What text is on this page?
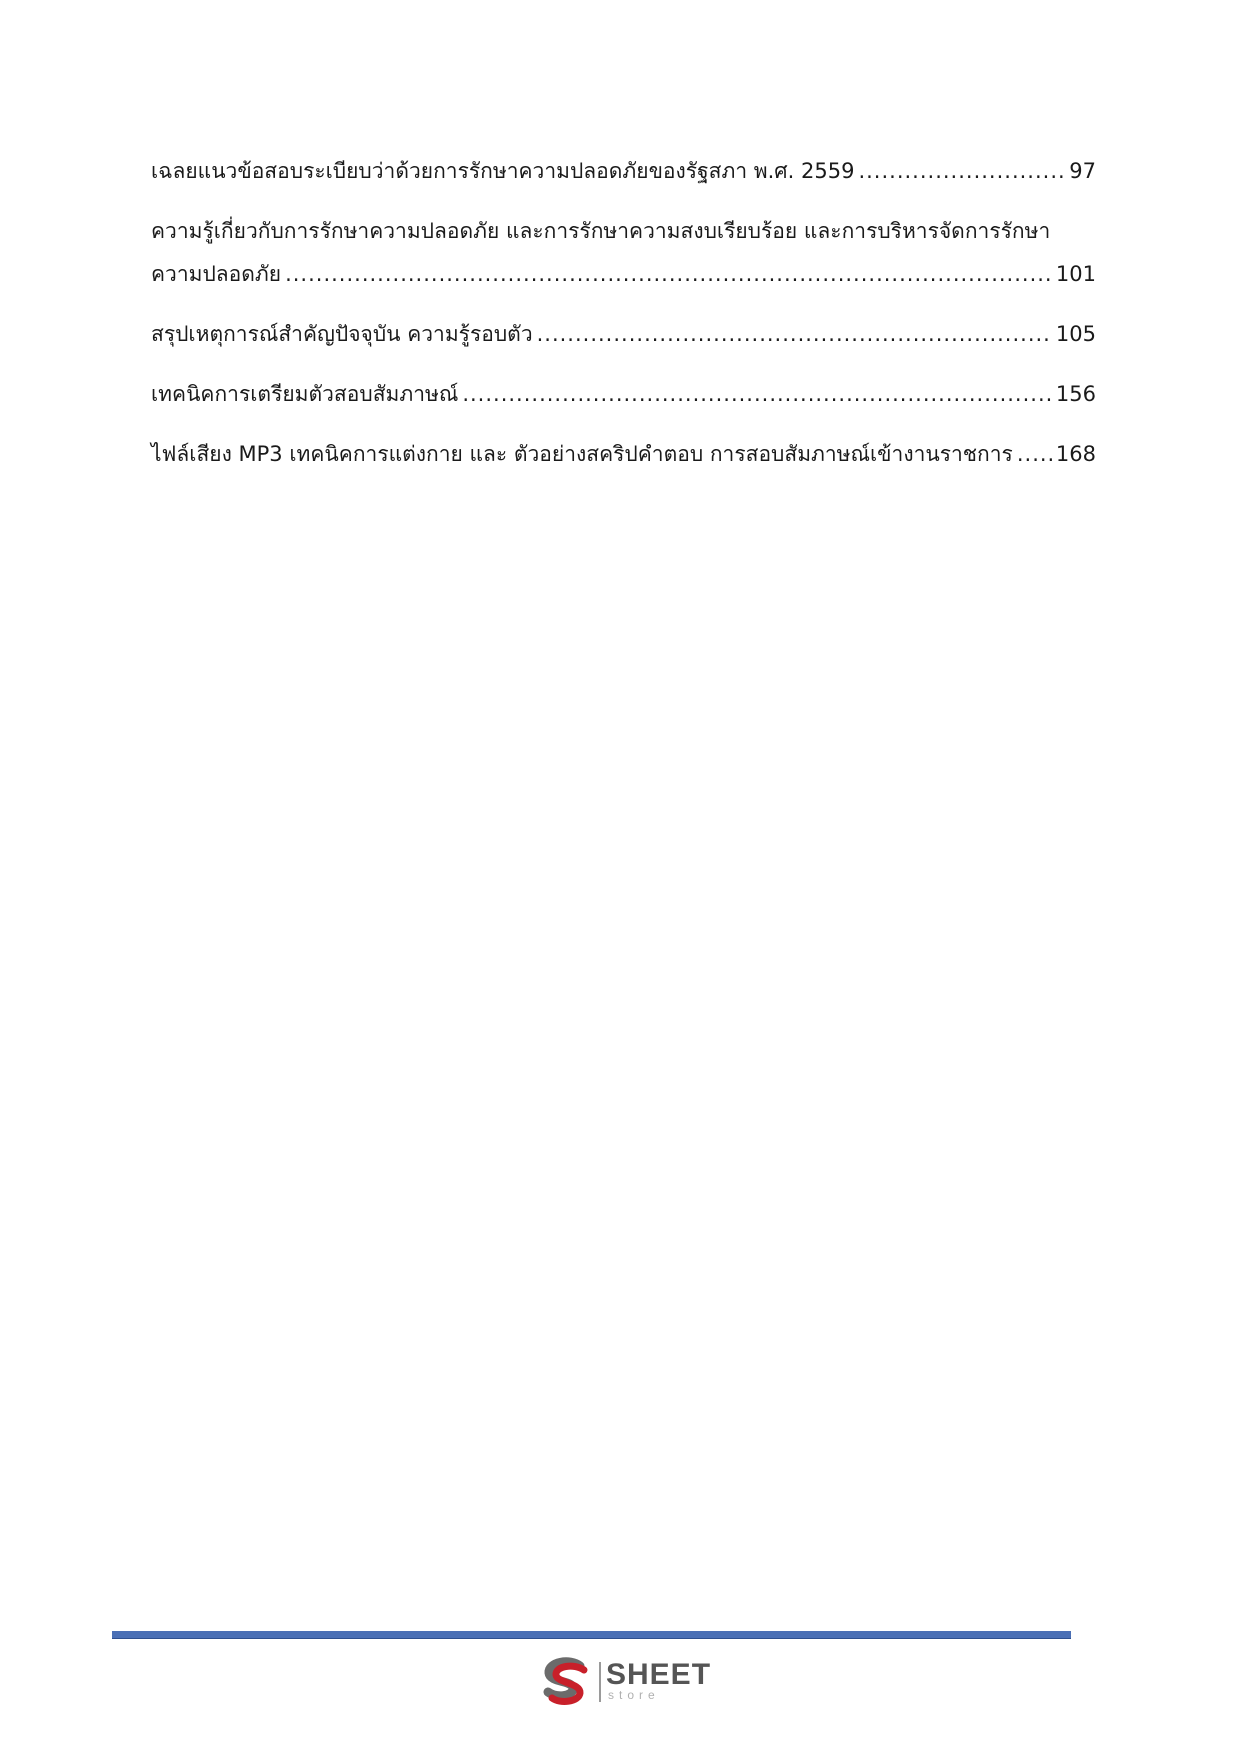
เฉลยแนวข้อสอบระเบียบว่าด้วยการรักษาความปลอดภัยของรัฐสภา พ.ศ. 2559 .....	97
ความรู้เกี่ยวกับการรักษาความปลอดภัย และการรักษาความสงบเรียบร้อย และการบริหารจัดการรักษา
ความปลอดภัย .....	101
สรุปเหตุการณ์สำคัญปัจจุบัน ความรู้รอบตัว .....	105
เทคนิคการเตรียมตัวสอบสัมภาษณ์ .....	156
ไฟล์เสียง MP3 เทคนิคการแต่งกาย และ ตัวอย่างสคริปคำตอบ การสอบสัมภาษณ์เข้างานราชการ ..... 168
SHEET
store
